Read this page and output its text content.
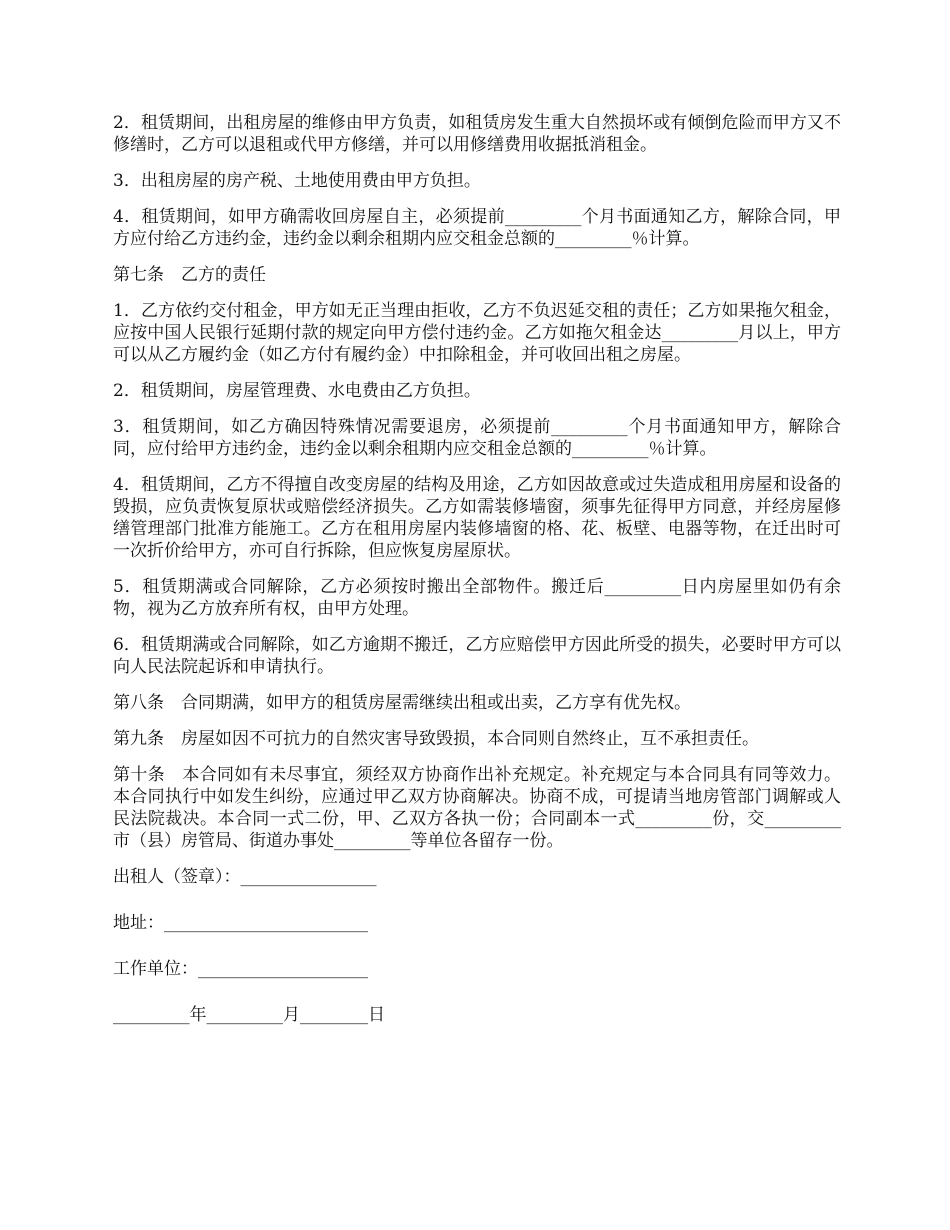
2．租赁期间，出租房屋的维修由甲方负责，如租赁房发生重大自然损坏或有倾倒危险而甲方又不修缮时，乙方可以退租或代甲方修缮，并可以用修缮费用收据抵消租金。

3．出租房屋的房产税、土地使用费由甲方负担。

4．租赁期间，如甲方确需收回房屋自主，必须提前_________个月书面通知乙方，解除合同，甲方应付给乙方违约金，违约金以剩余租期内应交租金总额的_________％计算。

第七条　乙方的责任

1．乙方依约交付租金，甲方如无正当理由拒收，乙方不负迟延交租的责任；乙方如果拖欠租金，应按中国人民银行延期付款的规定向甲方偿付违约金。乙方如拖欠租金达_________月以上，甲方可以从乙方履约金（如乙方付有履约金）中扣除租金，并可收回出租之房屋。

2．租赁期间，房屋管理费、水电费由乙方负担。

3．租赁期间，如乙方确因特殊情况需要退房，必须提前_________个月书面通知甲方，解除合同，应付给甲方违约金，违约金以剩余租期内应交租金总额的_________％计算。

4．租赁期间，乙方不得擅自改变房屋的结构及用途，乙方如因故意或过失造成租用房屋和设备的毁损，应负责恢复原状或赔偿经济损失。乙方如需装修墙窗，须事先征得甲方同意，并经房屋修缮管理部门批准方能施工。乙方在租用房屋内装修墙窗的格、花、板壁、电器等物，在迁出时可一次折价给甲方，亦可自行拆除，但应恢复房屋原状。

5．租赁期满或合同解除，乙方必须按时搬出全部物件。搬迁后_________日内房屋里如仍有余物，视为乙方放弃所有权，由甲方处理。

6．租赁期满或合同解除，如乙方逾期不搬迁，乙方应赔偿甲方因此所受的损失，必要时甲方可以向人民法院起诉和申请执行。

第八条　合同期满，如甲方的租赁房屋需继续出租或出卖，乙方享有优先权。

第九条　房屋如因不可抗力的自然灾害导致毁损，本合同则自然终止，互不承担责任。

第十条　本合同如有未尽事宜，须经双方协商作出补充规定。补充规定与本合同具有同等效力。本合同执行中如发生纠纷，应通过甲乙双方协商解决。协商不成，可提请当地房管部门调解或人民法院裁决。本合同一式二份，甲、乙双方各执一份；合同副本一式_________份，交_________市（县）房管局、街道办事处_________等单位各留存一份。

出租人（签章）：________________

地址：________________________

工作单位：____________________

_________年_________月________日
